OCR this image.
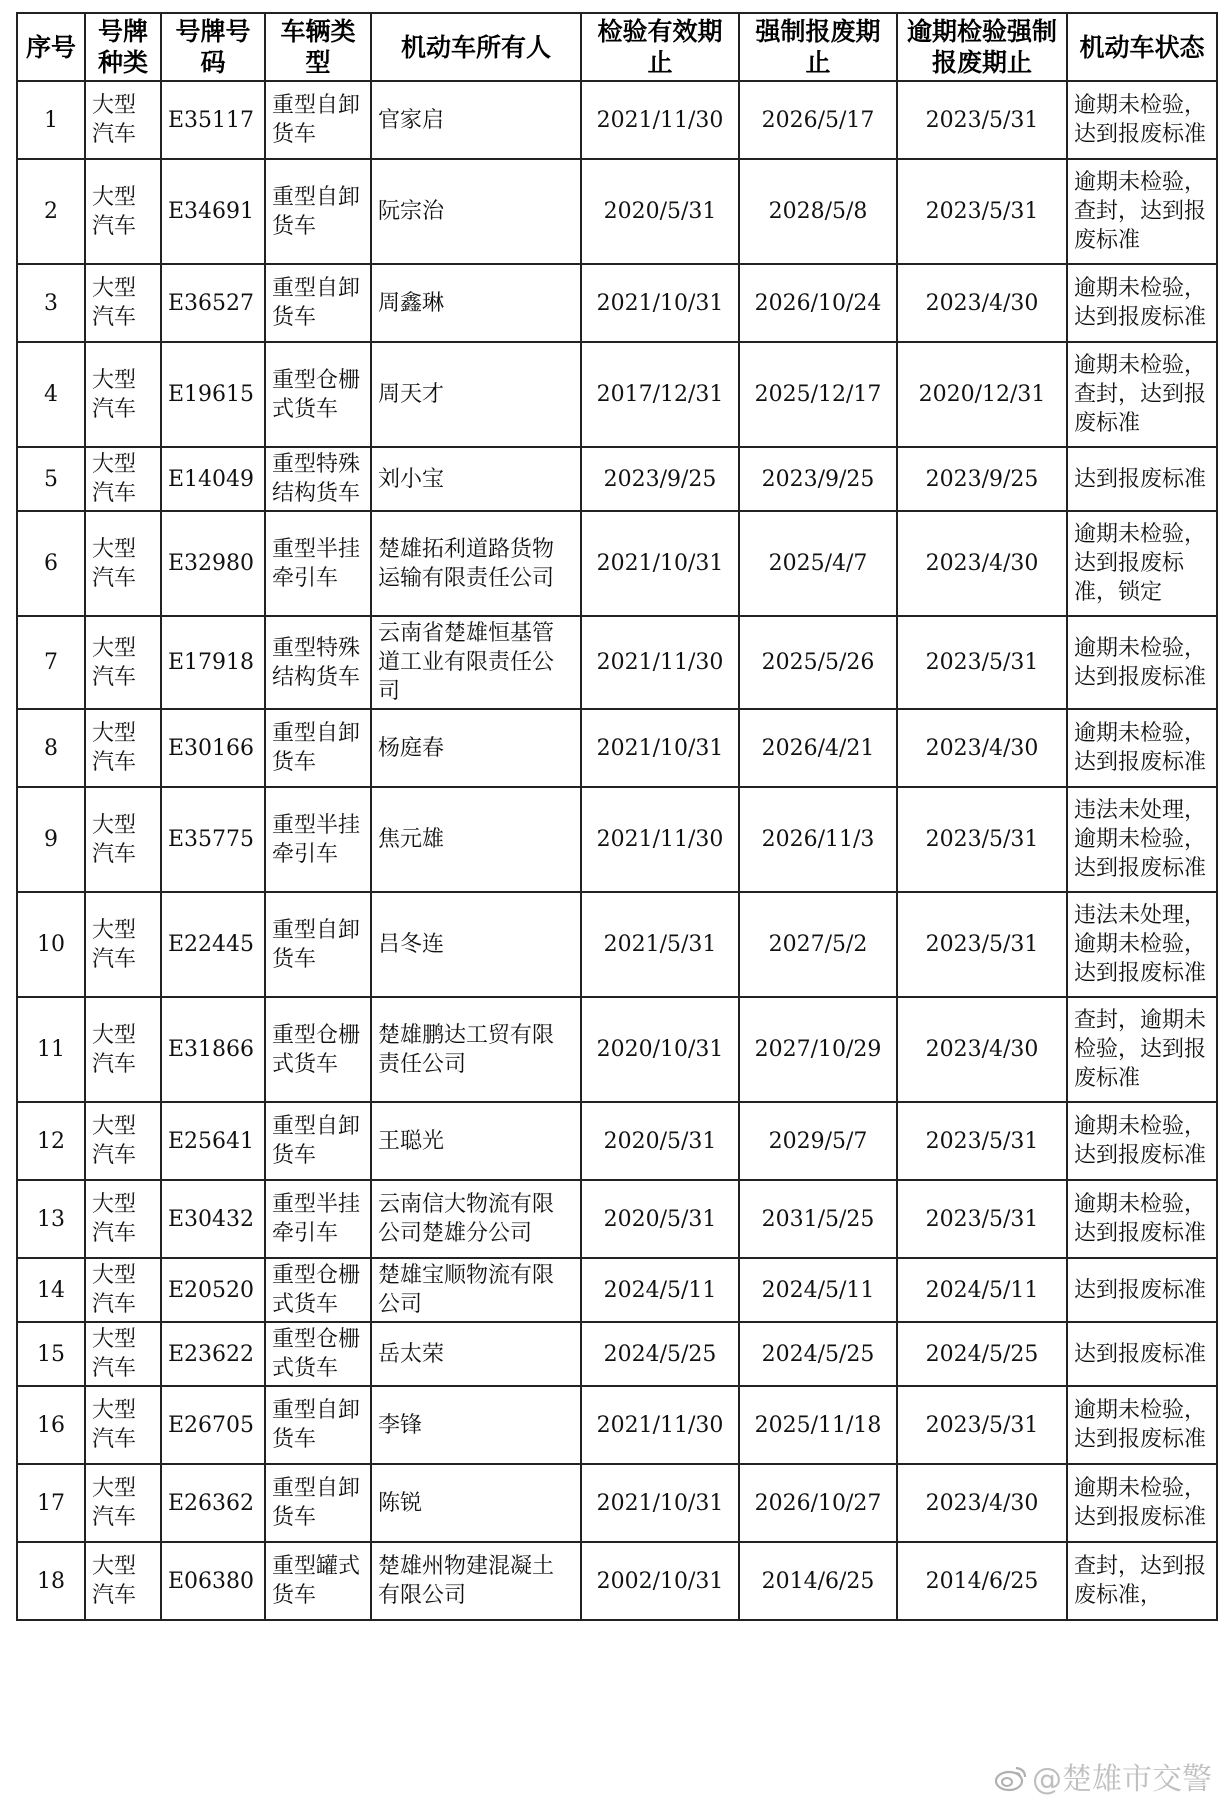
序号	号牌种类	号牌号码	车辆类型	机动车所有人	检验有效期止	强制报废期止	逾期检验强制报废期止	机动车状态
1	大型汽车	E35117	重型自卸货车	官家启	2021/11/30	2026/5/17	2023/5/31	逾期未检验，达到报废标准
2	大型汽车	E34691	重型自卸货车	阮宗治	2020/5/31	2028/5/8	2023/5/31	逾期未检验，查封，达到报废标准
3	大型汽车	E36527	重型自卸货车	周鑫琳	2021/10/31	2026/10/24	2023/4/30	逾期未检验，达到报废标准
4	大型汽车	E19615	重型仓栅式货车	周天才	2017/12/31	2025/12/17	2020/12/31	逾期未检验，查封，达到报废标准
5	大型汽车	E14049	重型特殊结构货车	刘小宝	2023/9/25	2023/9/25	2023/9/25	达到报废标准
6	大型汽车	E32980	重型半挂牵引车	楚雄拓利道路货物运输有限责任公司	2021/10/31	2025/4/7	2023/4/30	逾期未检验，达到报废标准，锁定
7	大型汽车	E17918	重型特殊结构货车	云南省楚雄恒基管道工业有限责任公司	2021/11/30	2025/5/26	2023/5/31	逾期未检验，达到报废标准
8	大型汽车	E30166	重型自卸货车	杨庭春	2021/10/31	2026/4/21	2023/4/30	逾期未检验，达到报废标准
9	大型汽车	E35775	重型半挂牵引车	焦元雄	2021/11/30	2026/11/3	2023/5/31	违法未处理，逾期未检验，达到报废标准
10	大型汽车	E22445	重型自卸货车	吕冬连	2021/5/31	2027/5/2	2023/5/31	违法未处理，逾期未检验，达到报废标准
11	大型汽车	E31866	重型仓栅式货车	楚雄鹏达工贸有限责任公司	2020/10/31	2027/10/29	2023/4/30	查封，逾期未检验，达到报废标准
12	大型汽车	E25641	重型自卸货车	王聪光	2020/5/31	2029/5/7	2023/5/31	逾期未检验，达到报废标准
13	大型汽车	E30432	重型半挂牵引车	云南信大物流有限公司楚雄分公司	2020/5/31	2031/5/25	2023/5/31	逾期未检验，达到报废标准
14	大型汽车	E20520	重型仓栅式货车	楚雄宝顺物流有限公司	2024/5/11	2024/5/11	2024/5/11	达到报废标准
15	大型汽车	E23622	重型仓栅式货车	岳太荣	2024/5/25	2024/5/25	2024/5/25	达到报废标准
16	大型汽车	E26705	重型自卸货车	李锋	2021/11/30	2025/11/18	2023/5/31	逾期未检验，达到报废标准
17	大型汽车	E26362	重型自卸货车	陈锐	2021/10/31	2026/10/27	2023/4/30	逾期未检验，达到报废标准
18	大型汽车	E06380	重型罐式货车	楚雄州物建混凝土有限公司	2002/10/31	2014/6/25	2014/6/25	查封，达到报废标准，
@楚雄市交警
